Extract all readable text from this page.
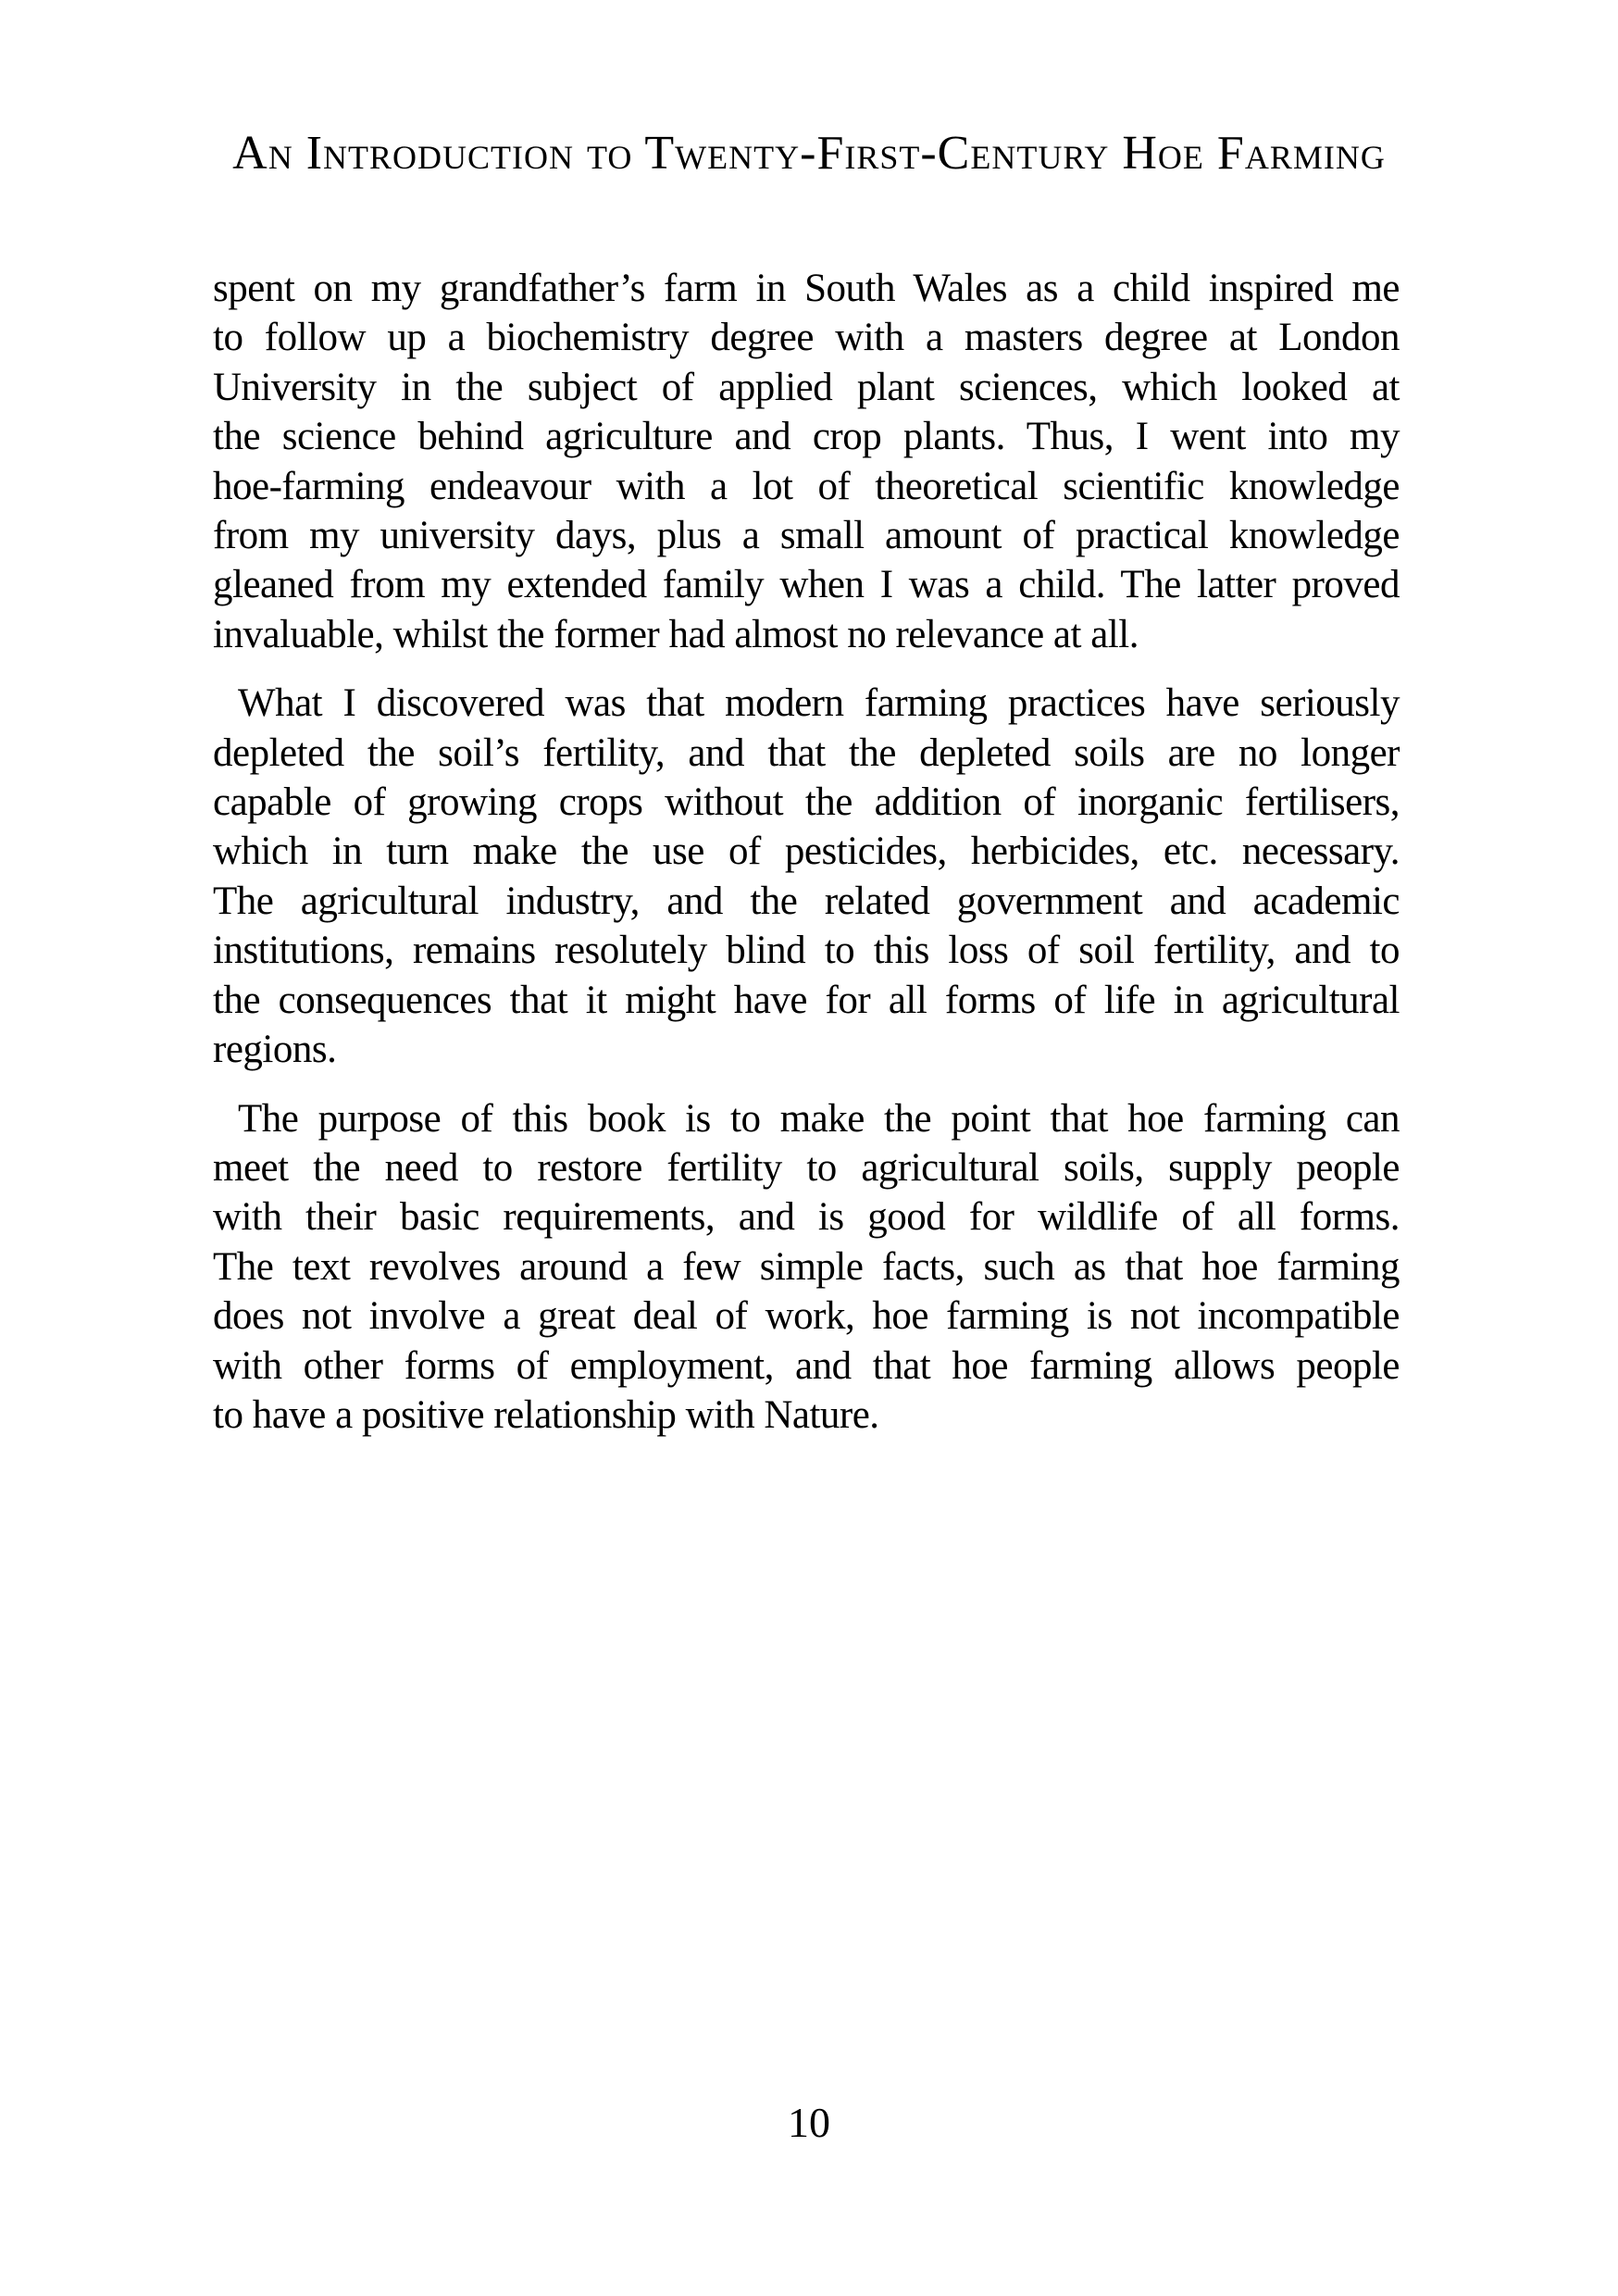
An Introduction to Twenty-First-Century Hoe Farming
spent on my grandfather’s farm in South Wales as a child inspired me
to follow up a biochemistry degree with a masters degree at London
University in the subject of applied plant sciences, which looked at
the science behind agriculture and crop plants. Thus, I went into my
hoe-farming endeavour with a lot of theoretical scientific knowledge
from my university days, plus a small amount of practical knowledge
gleaned from my extended family when I was a child. The latter proved
invaluable, whilst the former had almost no relevance at all.
What I discovered was that modern farming practices have seriously
depleted the soil’s fertility, and that the depleted soils are no longer
capable of growing crops without the addition of inorganic fertilisers,
which in turn make the use of pesticides, herbicides, etc. necessary.
The agricultural industry, and the related government and academic
institutions, remains resolutely blind to this loss of soil fertility, and to
the consequences that it might have for all forms of life in agricultural
regions.
The purpose of this book is to make the point that hoe farming can
meet the need to restore fertility to agricultural soils, supply people
with their basic requirements, and is good for wildlife of all forms.
The text revolves around a few simple facts, such as that hoe farming
does not involve a great deal of work, hoe farming is not incompatible
with other forms of employment, and that hoe farming allows people
to have a positive relationship with Nature.
10
